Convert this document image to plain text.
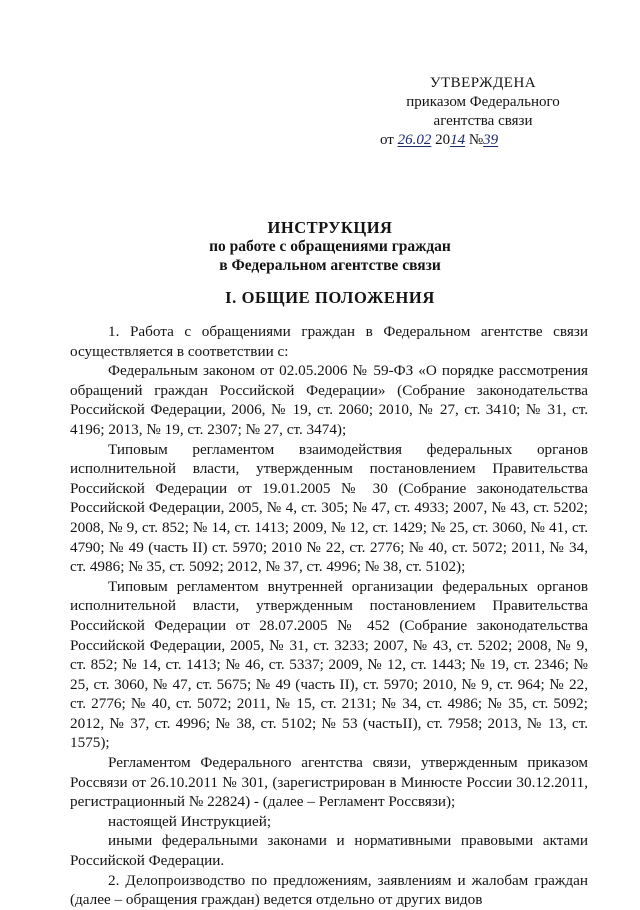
УТВЕРЖДЕНА
приказом Федерального
агентства связи
от 26.02 2014 №39
ИНСТРУКЦИЯ
по работе с обращениями граждан
в Федеральном агентстве связи
I. ОБЩИЕ ПОЛОЖЕНИЯ

1. Работа с обращениями граждан в Федеральном агентстве связи осуществляется в соответствии с:

Федеральным законом от 02.05.2006 № 59-ФЗ «О порядке рассмотрения обращений граждан Российской Федерации» (Собрание законодательства Российской Федерации, 2006, № 19, ст. 2060; 2010, № 27, ст. 3410; № 31, ст. 4196; 2013, № 19, ст. 2307; № 27, ст. 3474);

Типовым регламентом взаимодействия федеральных органов исполнительной власти, утвержденным постановлением Правительства Российской Федерации от 19.01.2005 № 30 (Собрание законодательства Российской Федерации, 2005, № 4, ст. 305; № 47, ст. 4933; 2007, № 43, ст. 5202; 2008, № 9, ст. 852; № 14, ст. 1413; 2009, № 12, ст. 1429; № 25, ст. 3060, № 41, ст. 4790; № 49 (часть II) ст. 5970; 2010 № 22, ст. 2776; № 40, ст. 5072; 2011, № 34, ст. 4986; № 35, ст. 5092; 2012, № 37, ст. 4996; № 38, ст. 5102);

Типовым регламентом внутренней организации федеральных органов исполнительной власти, утвержденным постановлением Правительства Российской Федерации от 28.07.2005 № 452 (Собрание законодательства Российской Федерации, 2005, № 31, ст. 3233; 2007, № 43, ст. 5202; 2008, № 9, ст. 852; № 14, ст. 1413; № 46, ст. 5337; 2009, № 12, ст. 1443; № 19, ст. 2346; № 25, ст. 3060, № 47, ст. 5675; № 49 (часть II), ст. 5970; 2010, № 9, ст. 964; № 22, ст. 2776; № 40, ст. 5072; 2011, № 15, ст. 2131; № 34, ст. 4986; № 35, ст. 5092; 2012, № 37, ст. 4996; № 38, ст. 5102; № 53 (частьII), ст. 7958; 2013, № 13, ст. 1575);

Регламентом Федерального агентства связи, утвержденным приказом Россвязи от 26.10.2011 № 301, (зарегистрирован в Минюсте России 30.12.2011, регистрационный № 22824) - (далее – Регламент Россвязи);

настоящей Инструкцией;

иными федеральными законами и нормативными правовыми актами Российской Федерации.

2. Делопроизводство по предложениям, заявлениям и жалобам граждан (далее – обращения граждан) ведется отдельно от других видов
